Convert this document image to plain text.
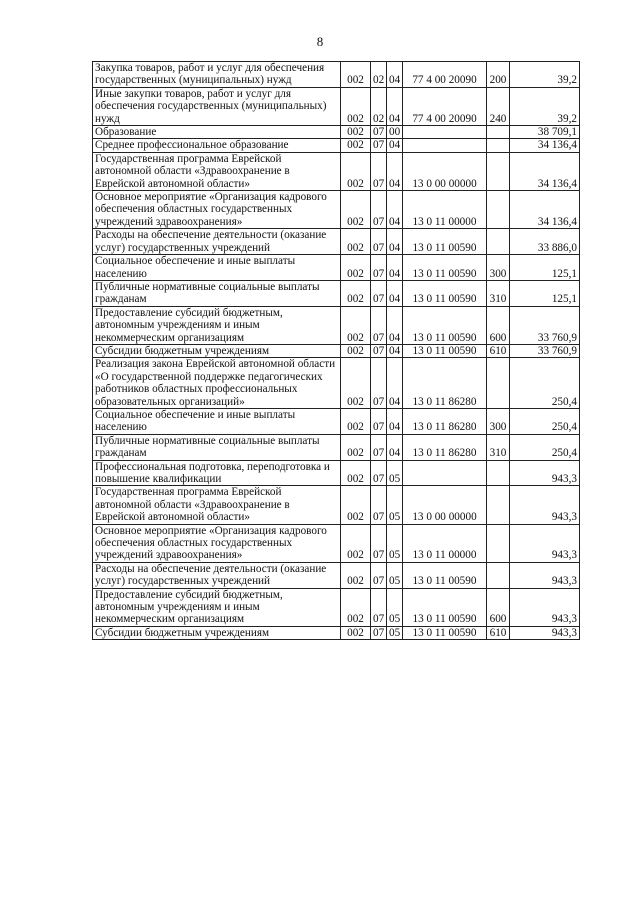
8
Закупка товаров, работ и услуг для обеспечения государственных (муниципальных) нужд	002	02	04	77 4 00 20090	200	39,2
Иные закупки товаров, работ и услуг для обеспечения государственных (муниципальных) нужд	002	02	04	77 4 00 20090	240	39,2
Образование	002	07	00			38 709,1
Среднее профессиональное образование	002	07	04			34 136,4
Государственная программа Еврейской автономной области «Здравоохранение в Еврейской автономной области»	002	07	04	13 0 00 00000		34 136,4
Основное мероприятие «Организация кадрового обеспечения областных государственных учреждений здравоохранения»	002	07	04	13 0 11 00000		34 136,4
Расходы на обеспечение деятельности (оказание услуг) государственных учреждений	002	07	04	13 0 11 00590		33 886,0
Социальное обеспечение и иные выплаты населению	002	07	04	13 0 11 00590	300	125,1
Публичные нормативные социальные выплаты гражданам	002	07	04	13 0 11 00590	310	125,1
Предоставление субсидий бюджетным, автономным учреждениям и иным некоммерческим организациям	002	07	04	13 0 11 00590	600	33 760,9
Субсидии бюджетным учреждениям	002	07	04	13 0 11 00590	610	33 760,9
Реализация закона Еврейской автономной области «О государственной поддержке педагогических работников областных профессиональных образовательных организаций»	002	07	04	13 0 11 86280		250,4
Социальное обеспечение и иные выплаты населению	002	07	04	13 0 11 86280	300	250,4
Публичные нормативные социальные выплаты гражданам	002	07	04	13 0 11 86280	310	250,4
Профессиональная подготовка, переподготовка и повышение квалификации	002	07	05			943,3
Государственная программа Еврейской автономной области «Здравоохранение в Еврейской автономной области»	002	07	05	13 0 00 00000		943,3
Основное мероприятие «Организация кадрового обеспечения областных государственных учреждений здравоохранения»	002	07	05	13 0 11 00000		943,3
Расходы на обеспечение деятельности (оказание услуг) государственных учреждений	002	07	05	13 0 11 00590		943,3
Предоставление субсидий бюджетным, автономным учреждениям и иным некоммерческим организациям	002	07	05	13 0 11 00590	600	943,3
Субсидии бюджетным учреждениям	002	07	05	13 0 11 00590	610	943,3
